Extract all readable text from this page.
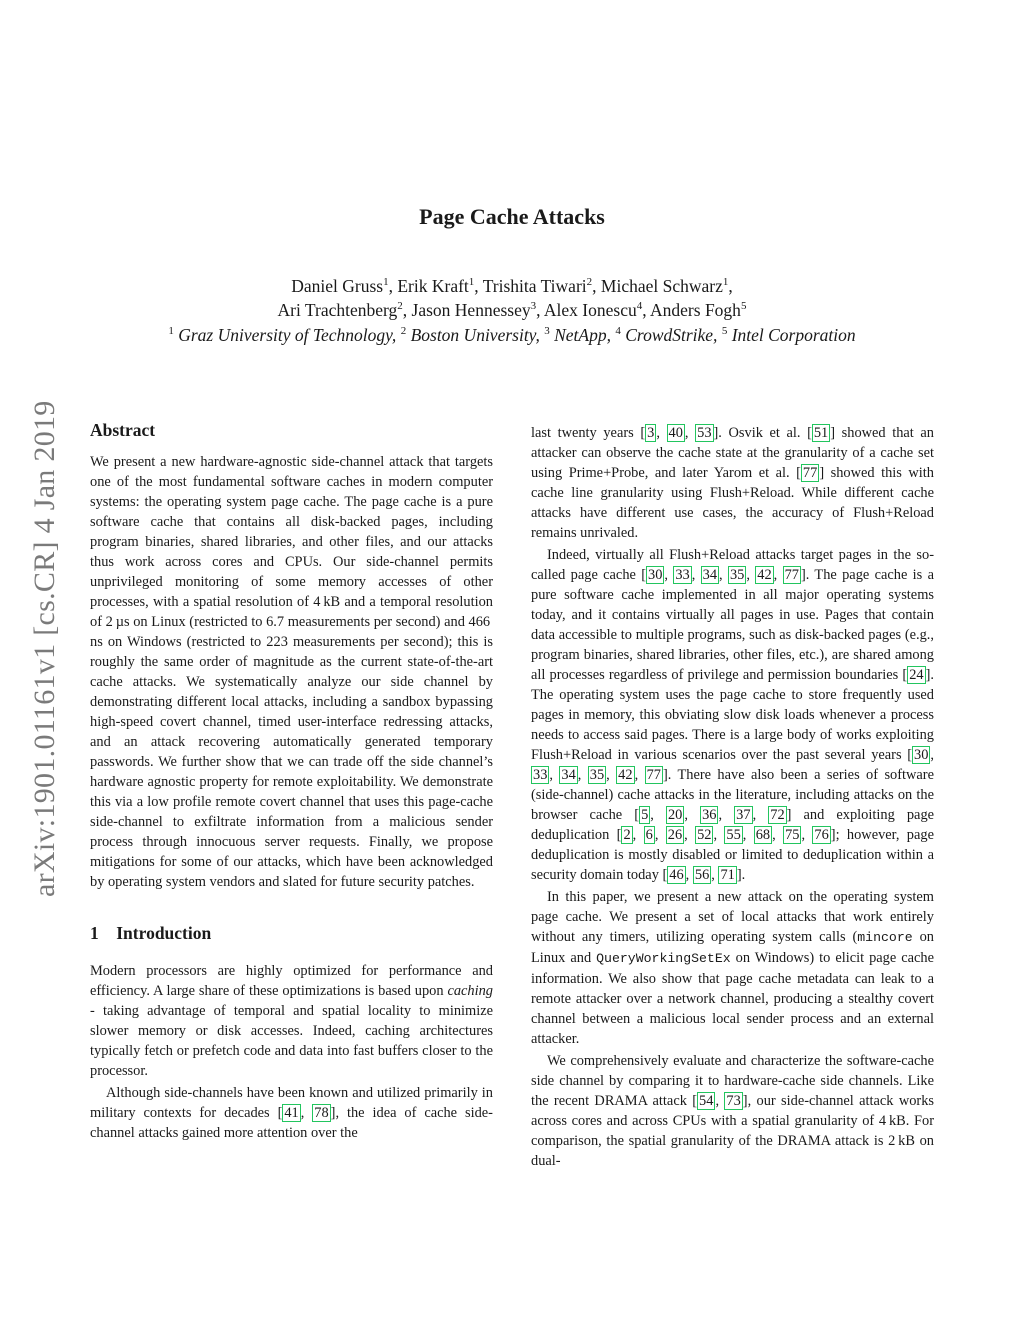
arXiv:1901.01161v1 [cs.CR] 4 Jan 2019
Page Cache Attacks
Daniel Gruss$^1$, Erik Kraft$^1$, Trishita Tiwari$^2$, Michael Schwarz$^1$,
Ari Trachtenberg$^2$, Jason Hennessey$^3$, Alex Ionescu$^4$, Anders Fogh$^5$
$^1$ Graz University of Technology, $^2$ Boston University, $^3$ NetApp, $^4$ CrowdStrike, $^5$ Intel Corporation
Abstract

We present a new hardware-agnostic side-channel attack that targets one of the most fundamental software caches in modern computer systems: the operating system page cache. The page cache is a pure software cache that contains all disk-backed pages, including program binaries, shared libraries, and other files, and our attacks thus work across cores and CPUs. Our side-channel permits unprivileged monitoring of some memory accesses of other processes, with a spatial resolution of 4 kB and a temporal resolution of 2 µs on Linux (restricted to 6.7 measurements per second) and 466 ns on Windows (restricted to 223 measurements per second); this is roughly the same order of magnitude as the current state-of-the-art cache attacks. We systematically analyze our side channel by demonstrating different local attacks, including a sandbox bypassing high-speed covert channel, timed user-interface redressing attacks, and an attack recovering automatically generated temporary passwords. We further show that we can trade off the side channel’s hardware agnostic property for remote exploitability. We demonstrate this via a low profile remote covert channel that uses this page-cache side-channel to exfiltrate information from a malicious sender process through innocuous server requests. Finally, we propose mitigations for some of our attacks, which have been acknowledged by operating system vendors and slated for future security patches.

1 Introduction

Modern processors are highly optimized for performance and efficiency. A large share of these optimizations is based upon caching - taking advantage of temporal and spatial locality to minimize slower memory or disk accesses. Indeed, caching architectures typically fetch or prefetch code and data into fast buffers closer to the processor.

Although side-channels have been known and utilized primarily in military contexts for decades [ 41 , 78 ], the idea of cache side-channel attacks gained more attention over the

last twenty years [ 3 , 40 , 53 ]. Osvik et al. [ 51 ] showed that an attacker can observe the cache state at the granularity of a cache set using Prime+Probe, and later Yarom et al. [ 77 ] showed this with cache line granularity using Flush+Reload. While different cache attacks have different use cases, the accuracy of Flush+Reload remains unrivaled.

Indeed, virtually all Flush+Reload attacks target pages in the so-called page cache [ 30 , 33 , 34 , 35 , 42 , 77 ]. The page cache is a pure software cache implemented in all major operating systems today, and it contains virtually all pages in use. Pages that contain data accessible to multiple programs, such as disk-backed pages (e.g., program binaries, shared libraries, other files, etc.), are shared among all processes regardless of privilege and permission boundaries [ 24 ]. The operating system uses the page cache to store frequently used pages in memory, this obviating slow disk loads whenever a process needs to access said pages. There is a large body of works exploiting Flush+Reload in various scenarios over the past several years [ 30 , 33 , 34 , 35 , 42 , 77 ]. There have also been a series of software (side-channel) cache attacks in the literature, including attacks on the browser cache [ 5 , 20 , 36 , 37 , 72 ] and exploiting page deduplication [ 2 , 6 , 26 , 52 , 55 , 68 , 75 , 76 ]; however, page deduplication is mostly disabled or limited to deduplication within a security domain today [ 46 , 56 , 71 ].

In this paper, we present a new attack on the operating system page cache. We present a set of local attacks that work entirely without any timers, utilizing operating system calls (mincore on Linux and QueryWorkingSetEx on Windows) to elicit page cache information. We also show that page cache metadata can leak to a remote attacker over a network channel, producing a stealthy covert channel between a malicious local sender process and an external attacker.

We comprehensively evaluate and characterize the software-cache side channel by comparing it to hardware-cache side channels. Like the recent DRAMA attack [ 54 , 73 ], our side-channel attack works across cores and across CPUs with a spatial granularity of 4 kB. For comparison, the spatial granularity of the DRAMA attack is 2 kB on dual-
